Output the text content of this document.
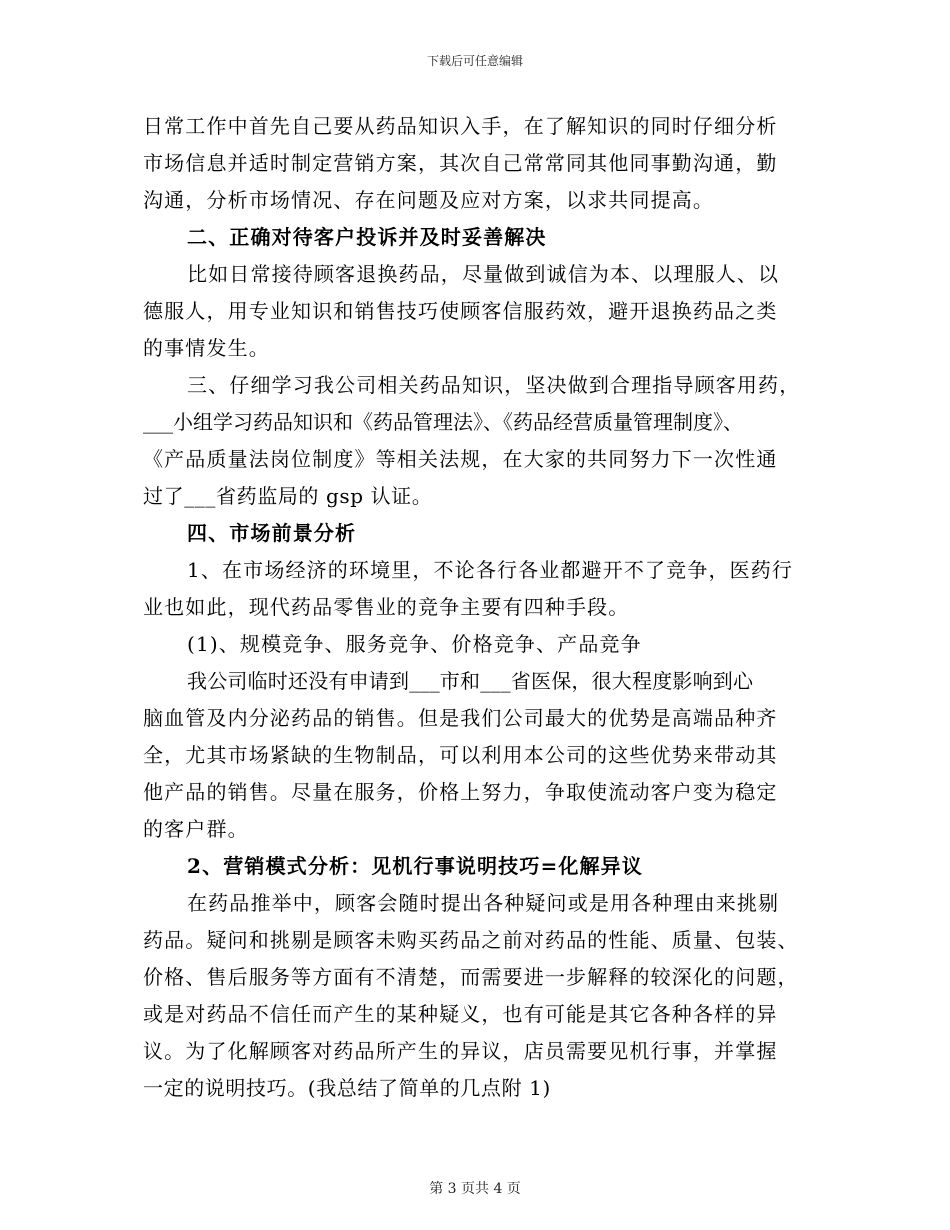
下载后可任意编辑
日常工作中首先自己要从药品知识入手，在了解知识的同时仔细分析
市场信息并适时制定营销方案，其次自己常常同其他同事勤沟通，勤
沟通，分析市场情况、存在问题及应对方案，以求共同提高。
二、正确对待客户投诉并及时妥善解决
比如日常接待顾客退换药品，尽量做到诚信为本、以理服人、以
德服人，用专业知识和销售技巧使顾客信服药效，避开退换药品之类
的事情发生。
三、仔细学习我公司相关药品知识，坚决做到合理指导顾客用药，
___小组学习药品知识和《药品管理法》、《药品经营质量管理制度》、
《产品质量法岗位制度》等相关法规，在大家的共同努力下一次性通
过了___省药监局的 gsp 认证。
四、市场前景分析
1、在市场经济的环境里，不论各行各业都避开不了竞争，医药行
业也如此，现代药品零售业的竞争主要有四种手段。
(1)、规模竞争、服务竞争、价格竞争、产品竞争
我公司临时还没有申请到___市和___省医保，很大程度影响到心
脑血管及内分泌药品的销售。但是我们公司最大的优势是高端品种齐
全，尤其市场紧缺的生物制品，可以利用本公司的这些优势来带动其
他产品的销售。尽量在服务，价格上努力，争取使流动客户变为稳定
的客户群。
2、营销模式分析：见机行事说明技巧=化解异议
在药品推举中，顾客会随时提出各种疑问或是用各种理由来挑剔
药品。疑问和挑剔是顾客未购买药品之前对药品的性能、质量、包装、
价格、售后服务等方面有不清楚，而需要进一步解释的较深化的问题，
或是对药品不信任而产生的某种疑义，也有可能是其它各种各样的异
议。为了化解顾客对药品所产生的异议，店员需要见机行事，并掌握
一定的说明技巧。(我总结了简单的几点附 1)
第 3 页共 4 页
